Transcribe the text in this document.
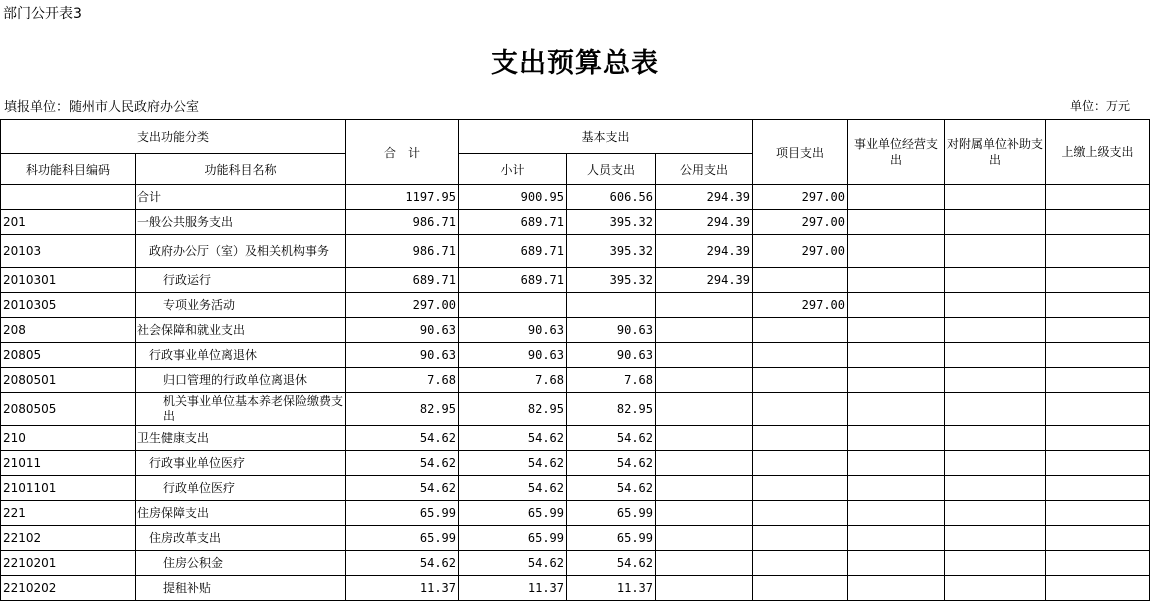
部门公开表3
支出预算总表
填报单位：随州市人民政府办公室	单位：万元
支出功能分类		合　计	基本支出			项目支出	事业单位经营支出	对附属单位补助支出	上缴上级支出
科功能科目编码	功能科目名称		小计	人员支出	公用支出				
	合计	1197.95	900.95	606.56	294.39	297.00			
201	一般公共服务支出	986.71	689.71	395.32	294.39	297.00			
20103	政府办公厅（室）及相关机构事务	986.71	689.71	395.32	294.39	297.00			
2010301	行政运行	689.71	689.71	395.32	294.39				
2010305	专项业务活动	297.00				297.00			
208	社会保障和就业支出	90.63	90.63	90.63					
20805	行政事业单位离退休	90.63	90.63	90.63					
2080501	归口管理的行政单位离退休	7.68	7.68	7.68					
2080505	机关事业单位基本养老保险缴费支出	82.95	82.95	82.95					
210	卫生健康支出	54.62	54.62	54.62					
21011	行政事业单位医疗	54.62	54.62	54.62					
2101101	行政单位医疗	54.62	54.62	54.62					
221	住房保障支出	65.99	65.99	65.99					
22102	住房改革支出	65.99	65.99	65.99					
2210201	住房公积金	54.62	54.62	54.62					
2210202	提租补贴	11.37	11.37	11.37					
